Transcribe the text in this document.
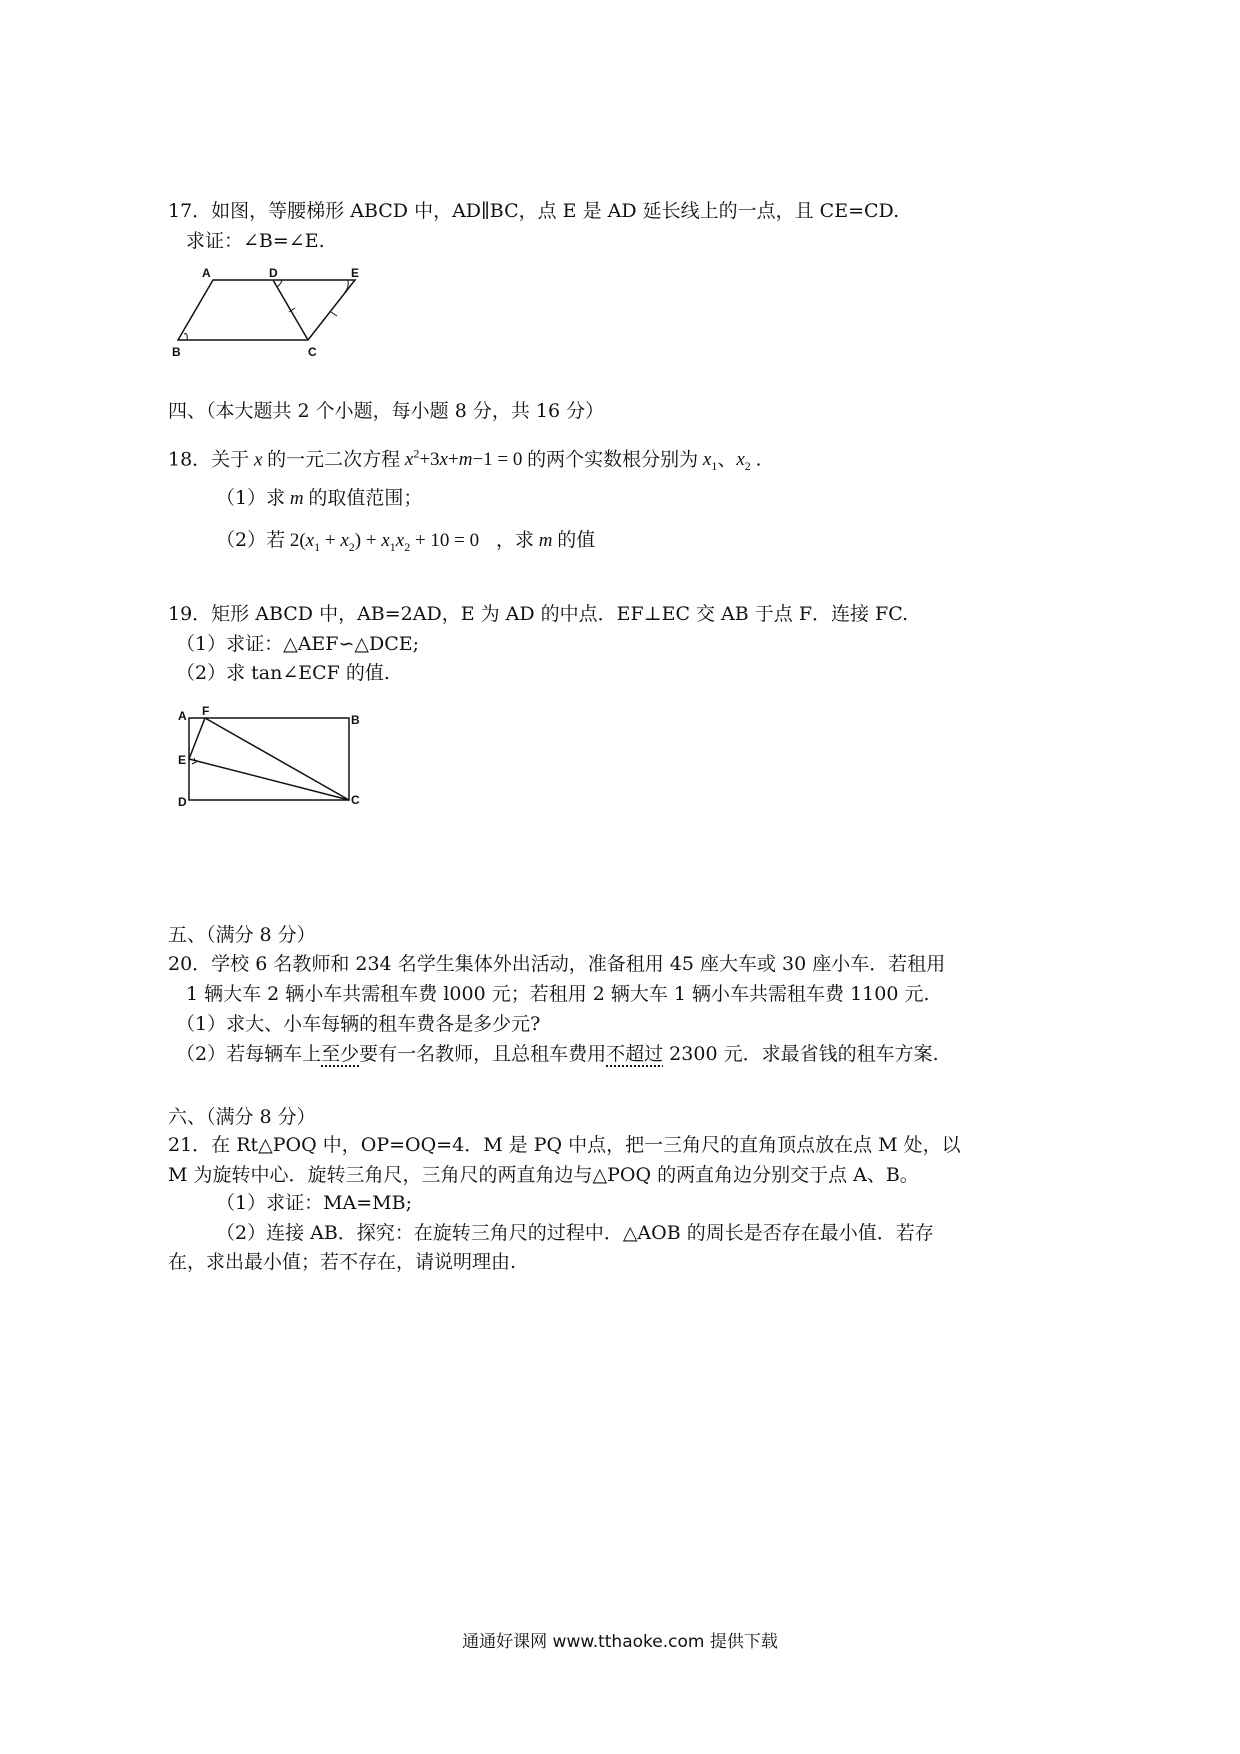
17．如图，等腰梯形 ABCD 中，AD∥BC，点 E 是 AD 延长线上的一点，且 CE=CD.
求证：∠B=∠E.
A	D	E
B	C
四、（本大题共 2 个小题，每小题 8 分，共 16 分）
18．关于 x 的一元二次方程 $x^2+3x+m-1 = 0$ 的两个实数根分别为 $x_1$、$x_2$ .
（1）求 m 的取值范围；
（2）若 $2(x_1 + x_2) + x_1x_2 + 10 = 0$   ，求 m 的值
19．矩形 ABCD 中，AB=2AD，E 为 AD 的中点．EF⊥EC 交 AB 于点 F．连接 FC.
（1）求证：△AEF∽△DCE;
（2）求 tan∠ECF 的值.
A F
B
E
D	C
五、（满分 8 分）
20．学校 6 名教师和 234 名学生集体外出活动，准备租用 45 座大车或 30 座小车．若租用
1 辆大车 2 辆小车共需租车费 l000 元；若租用 2 辆大车 1 辆小车共需租车费 1100 元.
（1）求大、小车每辆的租车费各是多少元?
（2）若每辆车上至少要有一名教师，且总租车费用不超过 2300 元．求最省钱的租车方案.
六、（满分 8 分）
21．在 Rt△POQ 中，OP=OQ=4．M 是 PQ 中点，把一三角尺的直角顶点放在点 M 处，以
M 为旋转中心．旋转三角尺，三角尺的两直角边与△POQ 的两直角边分别交于点 A、B。
（1）求证：MA=MB;
（2）连接 AB．探究：在旋转三角尺的过程中．△AOB 的周长是否存在最小值．若存
在，求出最小值；若不存在，请说明理由.
通通好课网 www.tthaoke.com 提供下载
